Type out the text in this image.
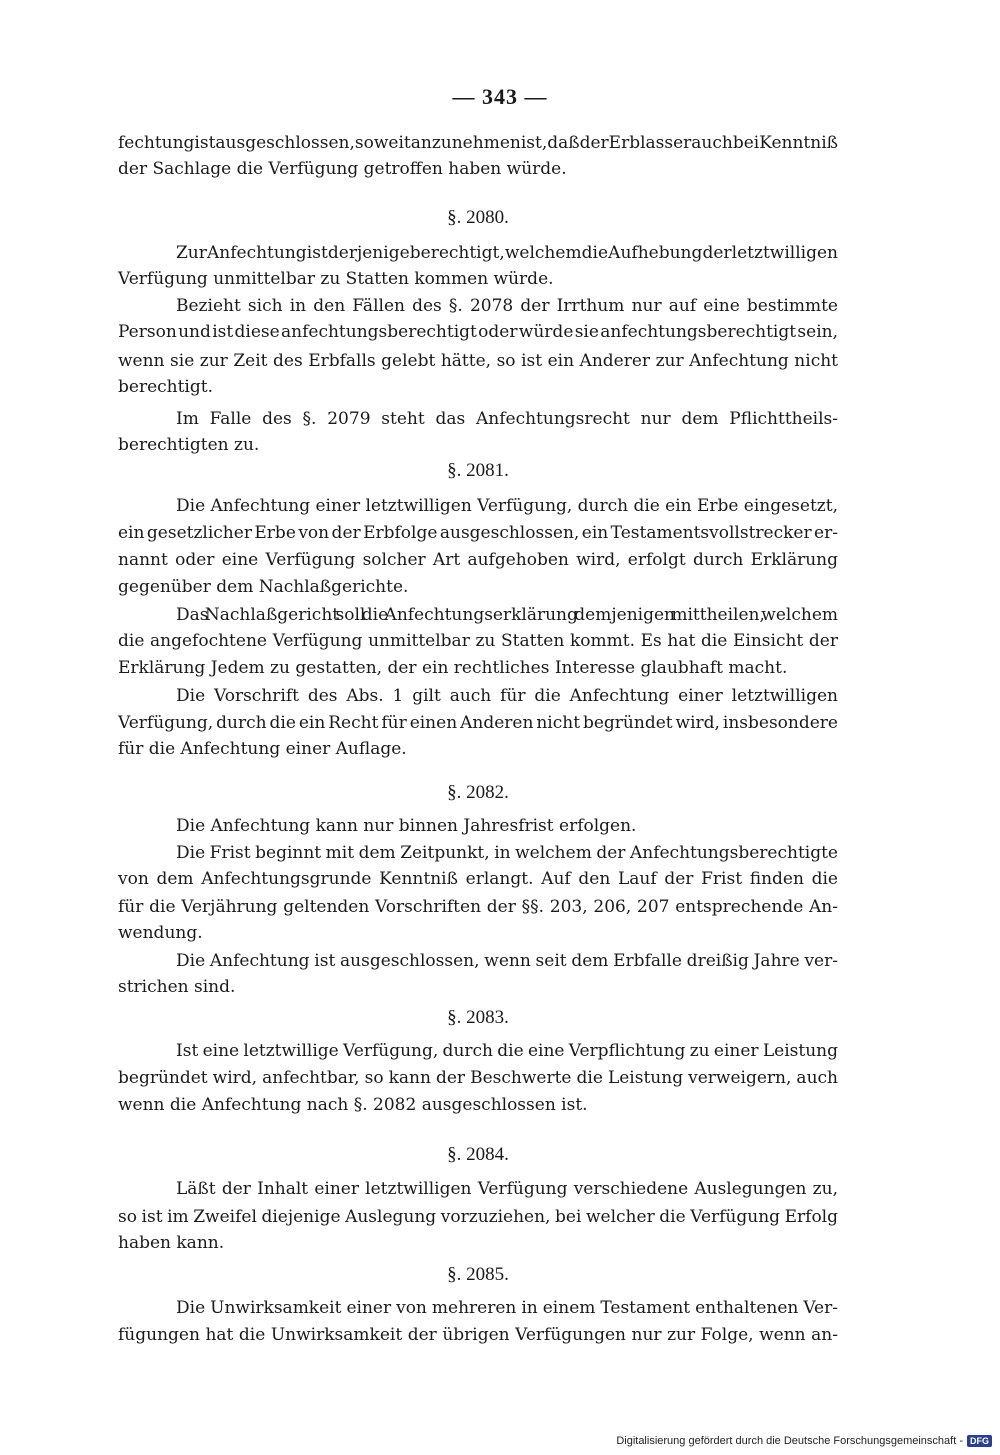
— 343 —
fechtung ist ausgeschlossen, soweit anzunehmen ist, daß der Erblasser auch bei Kenntniß
der Sachlage die Verfügung getroffen haben würde.
§. 2080.
Zur Anfechtung ist derjenige berechtigt, welchem die Aufhebung der letztwilligen
Verfügung unmittelbar zu Statten kommen würde.
Bezieht sich in den Fällen des §. 2078 der Irrthum nur auf eine bestimmte
Person und ist diese anfechtungsberechtigt oder würde sie anfechtungsberechtigt sein,
wenn sie zur Zeit des Erbfalls gelebt hätte, so ist ein Anderer zur Anfechtung nicht
berechtigt.
Im Falle des §. 2079 steht das Anfechtungsrecht nur dem Pflichttheils-
berechtigten zu.
§. 2081.
Die Anfechtung einer letztwilligen Verfügung, durch die ein Erbe eingesetzt,
ein gesetzlicher Erbe von der Erbfolge ausgeschlossen, ein Testamentsvollstrecker er-
nannt oder eine Verfügung solcher Art aufgehoben wird, erfolgt durch Erklärung
gegenüber dem Nachlaßgerichte.
Das Nachlaßgericht soll die Anfechtungserklärung demjenigen mittheilen, welchem
die angefochtene Verfügung unmittelbar zu Statten kommt. Es hat die Einsicht der
Erklärung Jedem zu gestatten, der ein rechtliches Interesse glaubhaft macht.
Die Vorschrift des Abs. 1 gilt auch für die Anfechtung einer letztwilligen
Verfügung, durch die ein Recht für einen Anderen nicht begründet wird, insbesondere
für die Anfechtung einer Auflage.
§. 2082.
Die Anfechtung kann nur binnen Jahresfrist erfolgen.
Die Frist beginnt mit dem Zeitpunkt, in welchem der Anfechtungsberechtigte
von dem Anfechtungsgrunde Kenntniß erlangt. Auf den Lauf der Frist finden die
für die Verjährung geltenden Vorschriften der §§. 203, 206, 207 entsprechende An-
wendung.
Die Anfechtung ist ausgeschlossen, wenn seit dem Erbfalle dreißig Jahre ver-
strichen sind.
§. 2083.
Ist eine letztwillige Verfügung, durch die eine Verpflichtung zu einer Leistung
begründet wird, anfechtbar, so kann der Beschwerte die Leistung verweigern, auch
wenn die Anfechtung nach §. 2082 ausgeschlossen ist.
§. 2084.
Läßt der Inhalt einer letztwilligen Verfügung verschiedene Auslegungen zu,
so ist im Zweifel diejenige Auslegung vorzuziehen, bei welcher die Verfügung Erfolg
haben kann.
§. 2085.
Die Unwirksamkeit einer von mehreren in einem Testament enthaltenen Ver-
fügungen hat die Unwirksamkeit der übrigen Verfügungen nur zur Folge, wenn an-
Digitalisierung gefördert durch die Deutsche Forschungsgemeinschaft - DFG
